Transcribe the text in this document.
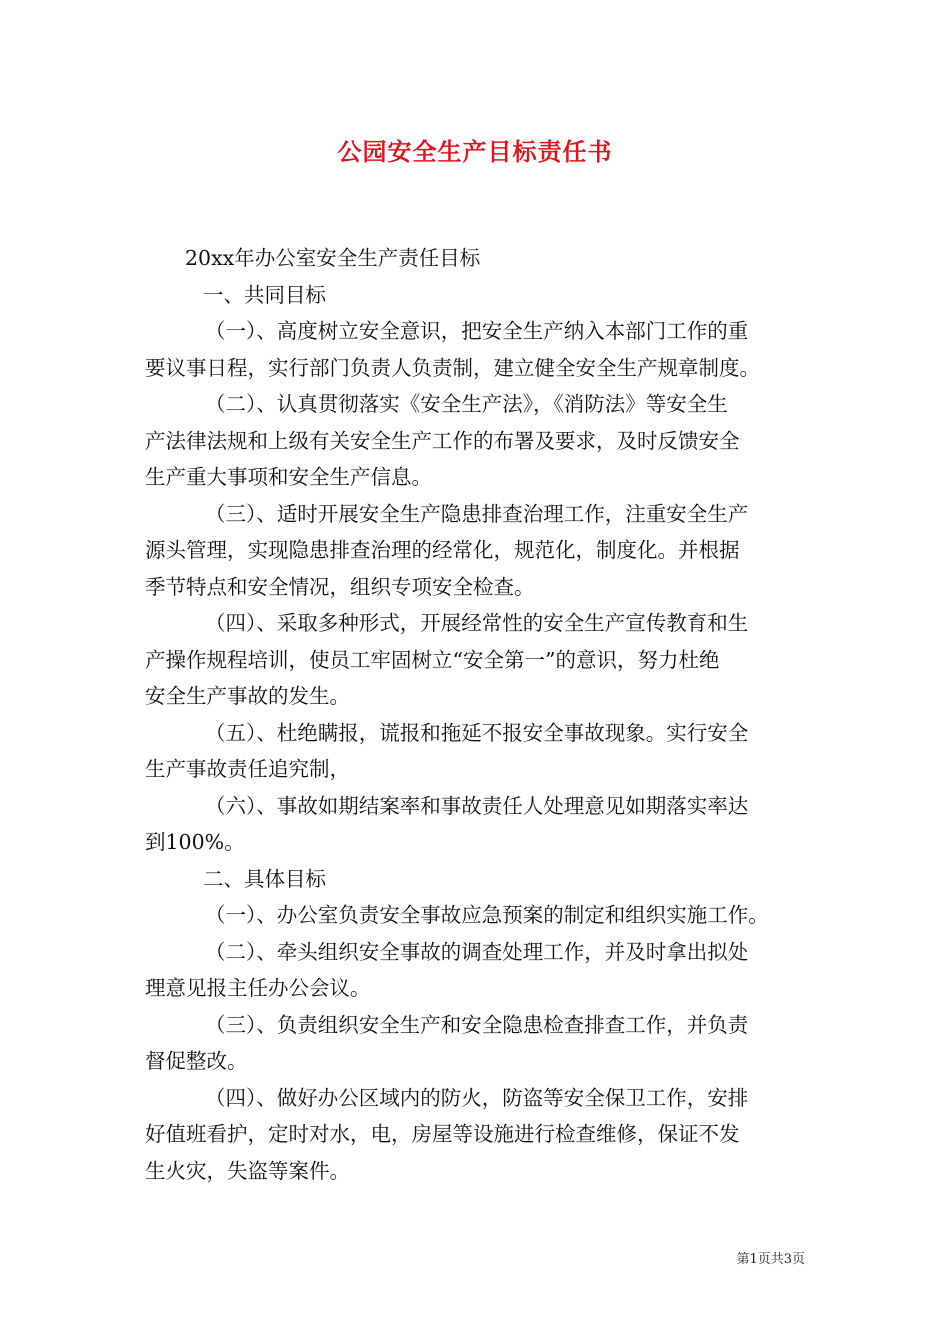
公园安全生产目标责任书
20xx年办公室安全生产责任目标
一、共同目标
（一）、高度树立安全意识，把安全生产纳入本部门工作的重
要议事日程，实行部门负责人负责制，建立健全安全生产规章制度。
（二）、认真贯彻落实《安全生产法》，《消防法》等安全生
产法律法规和上级有关安全生产工作的布署及要求，及时反馈安全
生产重大事项和安全生产信息。
（三）、适时开展安全生产隐患排查治理工作，注重安全生产
源头管理，实现隐患排查治理的经常化，规范化，制度化。并根据
季节特点和安全情况，组织专项安全检查。
（四）、采取多种形式，开展经常性的安全生产宣传教育和生
产操作规程培训，使员工牢固树立“安全第一”的意识，努力杜绝
安全生产事故的发生。
（五）、杜绝瞒报，谎报和拖延不报安全事故现象。实行安全
生产事故责任追究制，
（六）、事故如期结案率和事故责任人处理意见如期落实率达
到100%。
二、具体目标
（一）、办公室负责安全事故应急预案的制定和组织实施工作。
（二）、牵头组织安全事故的调查处理工作，并及时拿出拟处
理意见报主任办公会议。
（三）、负责组织安全生产和安全隐患检查排查工作，并负责
督促整改。
（四）、做好办公区域内的防火，防盗等安全保卫工作，安排
好值班看护，定时对水，电，房屋等设施进行检查维修，保证不发
生火灾，失盗等案件。
第1页共3页
